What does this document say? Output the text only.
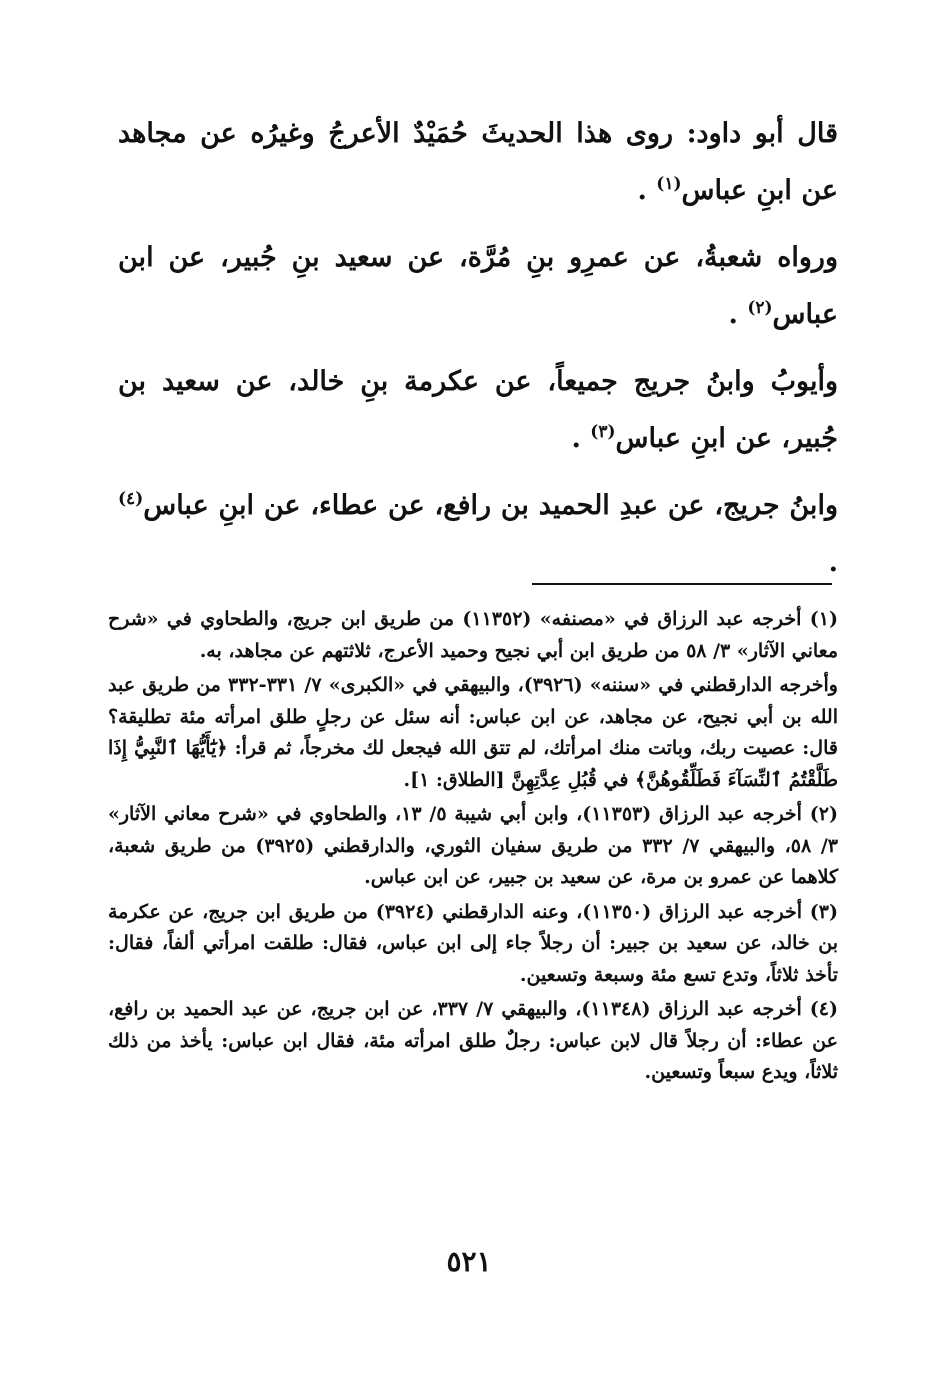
قال أبو داود: روى هذا الحديثَ حُمَيْدٌ الأعرجُ وغيرُه عن مجاهد عن ابنِ عباس$^{(١)}$ .

ورواه شعبةُ، عن عمرِو بنِ مُرَّة، عن سعيد بنِ جُبير، عن ابن عباس$^{(٢)}$ .

وأيوبُ وابنُ جريج جميعاً، عن عكرمة بنِ خالد، عن سعيد بن جُبير، عن ابنِ عباس$^{(٣)}$ .

وابنُ جريج، عن عبدِ الحميد بن رافع، عن عطاء، عن ابنِ عباس$^{(٤)}$ .

(١) أخرجه عبد الرزاق في «مصنفه» (١١٣٥٢) من طريق ابن جريج، والطحاوي في «شرح معاني الآثار» ٣/ ٥٨ من طريق ابن أبي نجيح وحميد الأعرج، ثلاثتهم عن مجاهد، به.

وأخرجه الدارقطني في «سننه» (٣٩٢٦)، والبيهقي في «الكبرى» ٧/ ٣٣١-٣٣٢ من طريق عبد الله بن أبي نجيح، عن مجاهد، عن ابن عباس: أنه سئل عن رجلٍ طلق امرأته مئة تطليقة؟ قال: عصيت ربك، وباتت منك امرأتك، لم تتق الله فيجعل لك مخرجاً، ثم قرأ: ﴿يَٰٓأَيُّهَا ٱلنَّبِيُّ إِذَا طَلَّقْتُمُ ٱلنِّسَآءَ فَطَلِّقُوهُنَّ﴾ في قُبُلِ عِدَّتِهِنَّ [الطلاق: ١].

(٢) أخرجه عبد الرزاق (١١٣٥٣)، وابن أبي شيبة ٥/ ١٣، والطحاوي في «شرح معاني الآثار» ٣/ ٥٨، والبيهقي ٧/ ٣٣٢ من طريق سفيان الثوري، والدارقطني (٣٩٢٥) من طريق شعبة، كلاهما عن عمرو بن مرة، عن سعيد بن جبير، عن ابن عباس.

(٣) أخرجه عبد الرزاق (١١٣٥٠)، وعنه الدارقطني (٣٩٢٤) من طريق ابن جريج، عن عكرمة بن خالد، عن سعيد بن جبير: أن رجلاً جاء إلى ابن عباس، فقال: طلقت امرأتي ألفاً، فقال: تأخذ ثلاثاً، وتدع تسع مئة وسبعة وتسعين.

(٤) أخرجه عبد الرزاق (١١٣٤٨)، والبيهقي ٧/ ٣٣٧، عن ابن جريج، عن عبد الحميد بن رافع، عن عطاء: أن رجلاً قال لابن عباس: رجلٌ طلق امرأته مئة، فقال ابن عباس: يأخذ من ذلك ثلاثاً، ويدع سبعاً وتسعين.

٥٢١
